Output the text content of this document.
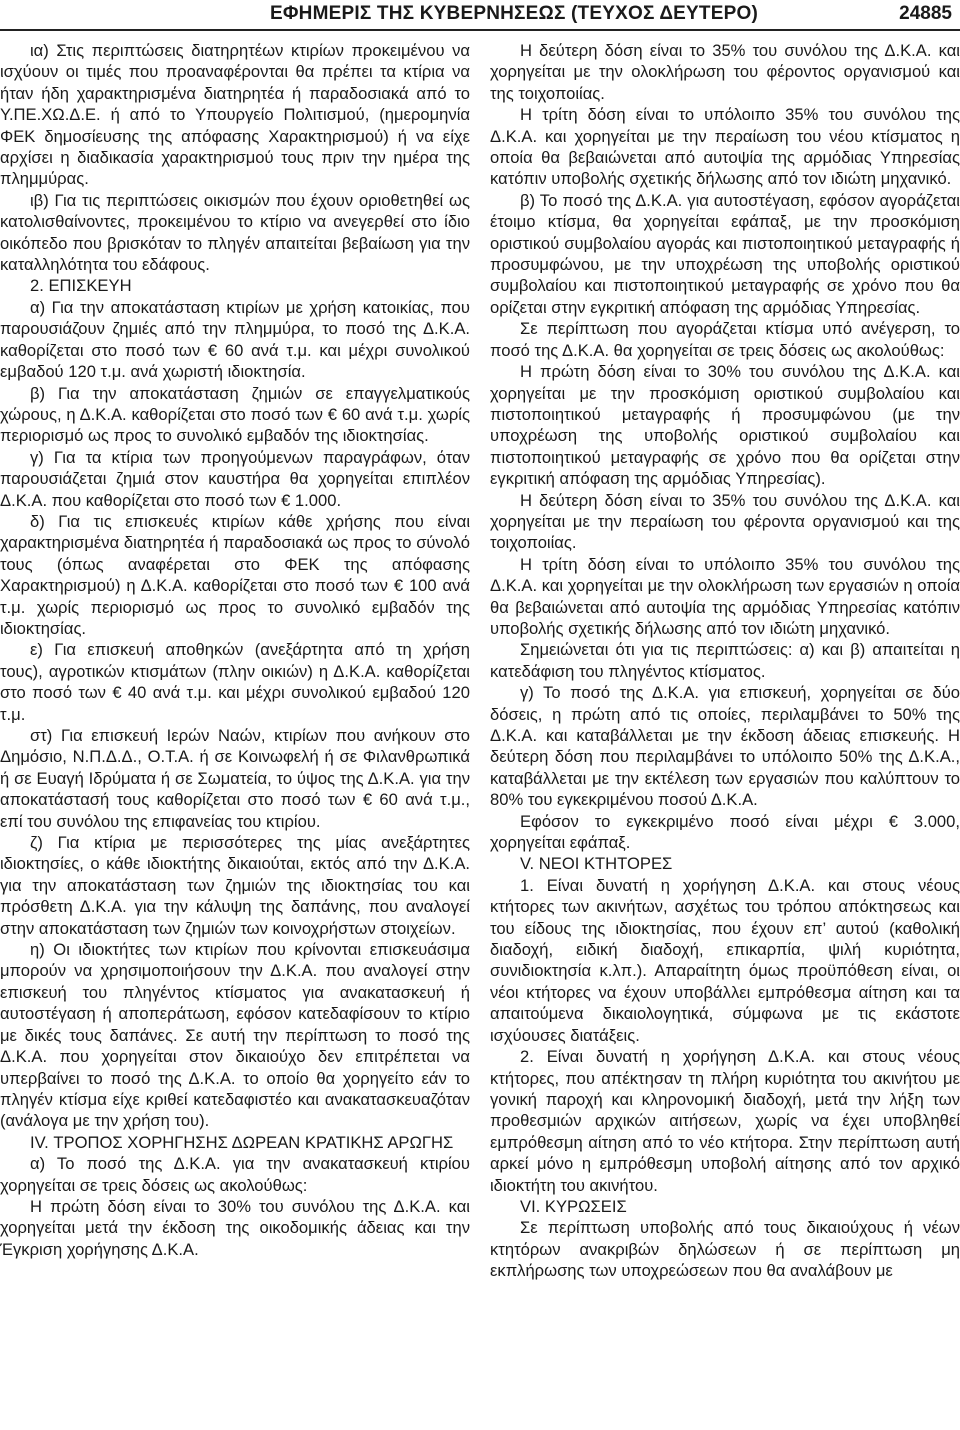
ΕΦΗΜΕΡΙΣ ΤΗΣ ΚΥΒΕΡΝΗΣΕΩΣ (ΤΕΥΧΟΣ ΔΕΥΤΕΡΟ)	24885

ια) Στις περιπτώσεις διατηρητέων κτιρίων προκειμένου να ισχύουν οι τιμές που προαναφέρονται θα πρέπει τα κτίρια να ήταν ήδη χαρακτηρισμένα διατηρητέα ή παραδοσιακά από το Υ.ΠΕ.ΧΩ.Δ.Ε. ή από το Υπουργείο Πολιτισμού, (ημερομηνία ΦΕΚ δημοσίευσης της απόφασης Χαρακτηρισμού) ή να είχε αρχίσει η διαδικασία χαρακτηρισμού τους πριν την ημέρα της πλημμύρας.

ιβ) Για τις περιπτώσεις οικισμών που έχουν οριοθετηθεί ως κατολισθαίνοντες, προκειμένου το κτίριο να ανεγερθεί στο ίδιο οικόπεδο που βρισκόταν το πληγέν απαιτείται βεβαίωση για την καταλληλότητα του εδάφους.

2. ΕΠΙΣΚΕΥΗ

α) Για την αποκατάσταση κτιρίων με χρήση κατοικίας, που παρουσιάζουν ζημιές από την πλημμύρα, το ποσό της Δ.Κ.Α. καθορίζεται στο ποσό των € 60 ανά τ.μ. και μέχρι συνολικού εμβαδού 120 τ.μ. ανά χωριστή ιδιοκτησία.

β) Για την αποκατάσταση ζημιών σε επαγγελματικούς χώρους, η Δ.Κ.Α. καθορίζεται στο ποσό των € 60 ανά τ.μ. χωρίς περιορισμό ως προς το συνολικό εμβαδόν της ιδιοκτησίας.

γ) Για τα κτίρια των προηγούμενων παραγράφων, όταν παρουσιάζεται ζημιά στον καυστήρα θα χορηγείται επιπλέον Δ.Κ.Α. που καθορίζεται στο ποσό των € 1.000.

δ) Για τις επισκευές κτιρίων κάθε χρήσης που είναι χαρακτηρισμένα διατηρητέα ή παραδοσιακά ως προς το σύνολό τους (όπως αναφέρεται στο ΦΕΚ της απόφασης Χαρακτηρισμού) η Δ.Κ.Α. καθορίζεται στο ποσό των € 100 ανά τ.μ. χωρίς περιορισμό ως προς το συνολικό εμβαδόν της ιδιοκτησίας.

ε) Για επισκευή αποθηκών (ανεξάρτητα από τη χρήση τους), αγροτικών κτισμάτων (πλην οικιών) η Δ.Κ.Α. καθορίζεται στο ποσό των € 40 ανά τ.μ. και μέχρι συνολικού εμβαδού 120 τ.μ.

στ) Για επισκευή Ιερών Ναών, κτιρίων που ανήκουν στο Δημόσιο, Ν.Π.Δ.Δ., Ο.Τ.Α. ή σε Κοινωφελή ή σε Φιλανθρωπικά ή σε Ευαγή Ιδρύματα ή σε Σωματεία, το ύψος της Δ.Κ.Α. για την αποκατάστασή τους καθορίζεται στο ποσό των € 60 ανά τ.μ., επί του συνόλου της επιφανείας του κτιρίου.

ζ) Για κτίρια με περισσότερες της μίας ανεξάρτητες ιδιοκτησίες, ο κάθε ιδιοκτήτης δικαιούται, εκτός από την Δ.Κ.Α. για την αποκατάσταση των ζημιών της ιδιοκτησίας του και πρόσθετη Δ.Κ.Α. για την κάλυψη της δαπάνης, που αναλογεί στην αποκατάσταση των ζημιών των κοινοχρήστων στοιχείων.

η) Οι ιδιοκτήτες των κτιρίων που κρίνονται επισκευάσιμα μπορούν να χρησιμοποιήσουν την Δ.Κ.Α. που αναλογεί στην επισκευή του πληγέντος κτίσματος για ανακατασκευή ή αυτοστέγαση ή αποπεράτωση, εφόσον κατεδαφίσουν το κτίριο με δικές τους δαπάνες. Σε αυτή την περίπτωση το ποσό της Δ.Κ.Α. που χορηγείται στον δικαιούχο δεν επιτρέπεται να υπερβαίνει το ποσό της Δ.Κ.Α. το οποίο θα χορηγείτο εάν το πληγέν κτίσμα είχε κριθεί κατεδαφιστέο και ανακατασκευαζόταν (ανάλογα με την χρήση του).

IV. ΤΡΟΠΟΣ ΧΟΡΗΓΗΣΗΣ ΔΩΡΕΑΝ ΚΡΑΤΙΚΗΣ ΑΡΩΓΗΣ

α) Το ποσό της Δ.Κ.Α. για την ανακατασκευή κτιρίου χορηγείται σε τρεις δόσεις ως ακολούθως:

Η πρώτη δόση είναι το 30% του συνόλου της Δ.Κ.Α. και χορηγείται μετά την έκδοση της οικοδομικής άδειας και την Έγκριση χορήγησης Δ.Κ.Α.

Η δεύτερη δόση είναι το 35% του συνόλου της Δ.Κ.Α. και χορηγείται με την ολοκλήρωση του φέροντος οργανισμού και της τοιχοποιίας.

Η τρίτη δόση είναι το υπόλοιπο 35% του συνόλου της Δ.Κ.Α. και χορηγείται με την περαίωση του νέου κτίσματος η οποία θα βεβαιώνεται από αυτοψία της αρμόδιας Υπηρεσίας κατόπιν υποβολής σχετικής δήλωσης από τον ιδιώτη μηχανικό.

β) Το ποσό της Δ.Κ.Α. για αυτοστέγαση, εφόσον αγοράζεται έτοιμο κτίσμα, θα χορηγείται εφάπαξ, με την προσκόμιση οριστικού συμβολαίου αγοράς και πιστοποιητικού μεταγραφής ή προσυμφώνου, με την υποχρέωση της υποβολής οριστικού συμβολαίου και πιστοποιητικού μεταγραφής σε χρόνο που θα ορίζεται στην εγκριτική απόφαση της αρμόδιας Υπηρεσίας.

Σε περίπτωση που αγοράζεται κτίσμα υπό ανέγερση, το ποσό της Δ.Κ.Α. θα χορηγείται σε τρεις δόσεις ως ακολούθως:

Η πρώτη δόση είναι το 30% του συνόλου της Δ.Κ.Α. και χορηγείται με την προσκόμιση οριστικού συμβολαίου και πιστοποιητικού μεταγραφής ή προσυμφώνου (με την υποχρέωση της υποβολής οριστικού συμβολαίου και πιστοποιητικού μεταγραφής σε χρόνο που θα ορίζεται στην εγκριτική απόφαση της αρμόδιας Υπηρεσίας).

Η δεύτερη δόση είναι το 35% του συνόλου της Δ.Κ.Α. και χορηγείται με την περαίωση του φέροντα οργανισμού και της τοιχοποιίας.

Η τρίτη δόση είναι το υπόλοιπο 35% του συνόλου της Δ.Κ.Α. και χορηγείται με την ολοκλήρωση των εργασιών η οποία θα βεβαιώνεται από αυτοψία της αρμόδιας Υπηρεσίας κατόπιν υποβολής σχετικής δήλωσης από τον ιδιώτη μηχανικό.

Σημειώνεται ότι για τις περιπτώσεις: α) και β) απαιτείται η κατεδάφιση του πληγέντος κτίσματος.

γ) Το ποσό της Δ.Κ.Α. για επισκευή, χορηγείται σε δύο δόσεις, η πρώτη από τις οποίες, περιλαμβάνει το 50% της Δ.Κ.Α. και καταβάλλεται με την έκδοση άδειας επισκευής. Η δεύτερη δόση που περιλαμβάνει το υπόλοιπο 50% της Δ.Κ.Α., καταβάλλεται με την εκτέλεση των εργασιών που καλύπτουν το 80% του εγκεκριμένου ποσού Δ.Κ.Α.

Εφόσον το εγκεκριμένο ποσό είναι μέχρι € 3.000, χορηγείται εφάπαξ.

V. ΝΕΟΙ ΚΤΗΤΟΡΕΣ

1. Είναι δυνατή η χορήγηση Δ.Κ.Α. και στους νέους κτήτορες των ακινήτων, ασχέτως του τρόπου απόκτησεως και του είδους της ιδιοκτησίας, που έχουν επ’ αυτού (καθολική διαδοχή, ειδική διαδοχή, επικαρπία, ψιλή κυριότητα, συνιδιοκτησία κ.λπ.). Απαραίτητη όμως προϋπόθεση είναι, οι νέοι κτήτορες να έχουν υποβάλλει εμπρόθεσμα αίτηση και τα απαιτούμενα δικαιολογητικά, σύμφωνα με τις εκάστοτε ισχύουσες διατάξεις.

2. Είναι δυνατή η χορήγηση Δ.Κ.Α. και στους νέους κτήτορες, που απέκτησαν τη πλήρη κυριότητα του ακινήτου με γονική παροχή και κληρονομική διαδοχή, μετά την λήξη των προθεσμιών αρχικών αιτήσεων, χωρίς να έχει υποβληθεί εμπρόθεσμη αίτηση από το νέο κτήτορα. Στην περίπτωση αυτή αρκεί μόνο η εμπρόθεσμη υποβολή αίτησης από τον αρχικό ιδιοκτήτη του ακινήτου.

VI. ΚΥΡΩΣΕΙΣ

Σε περίπτωση υποβολής από τους δικαιούχους ή νέων κτητόρων ανακριβών δηλώσεων ή σε περίπτωση μη εκπλήρωσης των υποχρεώσεων που θα αναλάβουν με
